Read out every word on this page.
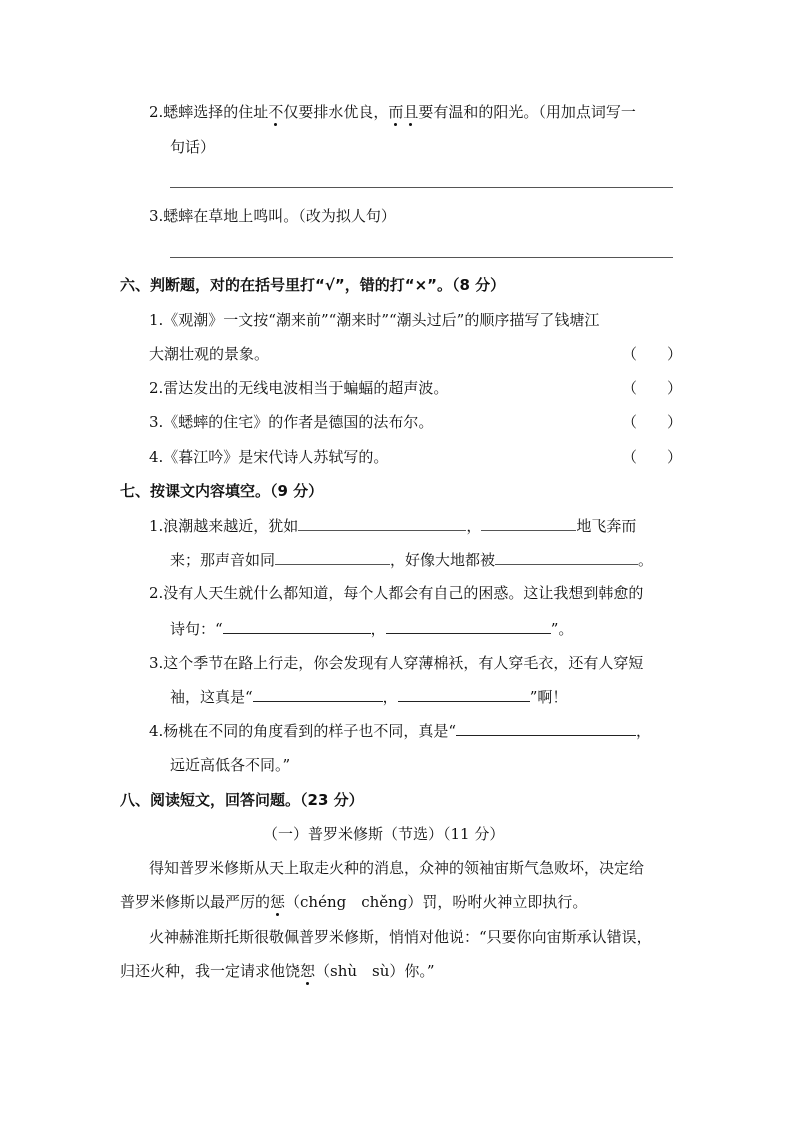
2.蟋蟀选择的住址不仅要排水优良，而且要有温和的阳光。（用加点词写一
句话）
3.蟋蟀在草地上鸣叫。（改为拟人句）
六、判断题，对的在括号里打“√”，错的打“×”。（8 分）
1.《观潮》一文按“潮来前”“潮来时”“潮头过后”的顺序描写了钱塘江
大潮壮观的景象。	（　　）
2.雷达发出的无线电波相当于蝙蝠的超声波。	（　　）
3.《蟋蟀的住宅》的作者是德国的法布尔。	（　　）
4.《暮江吟》是宋代诗人苏轼写的。	（　　）
七、按课文内容填空。（9 分）
1.浪潮越来越近，犹如	，	地飞奔而
来；那声音如同	，好像大地都被	。
2.没有人天生就什么都知道，每个人都会有自己的困惑。这让我想到韩愈的
诗句：“	，	”。
3.这个季节在路上行走，你会发现有人穿薄棉袄，有人穿毛衣，还有人穿短
袖，这真是“	，	”啊！
4.杨桃在不同的角度看到的样子也不同，真是“	，
远近高低各不同。”
八、阅读短文，回答问题。（23 分）
（一）普罗米修斯（节选）（11 分）
得知普罗米修斯从天上取走火种的消息，众神的领袖宙斯气急败坏，决定给
普罗米修斯以最严厉的惩（chéng　chěng）罚，吩咐火神立即执行。
火神赫淮斯托斯很敬佩普罗米修斯，悄悄对他说：“只要你向宙斯承认错误，
归还火种，我一定请求他饶恕（shù　sù）你。”
